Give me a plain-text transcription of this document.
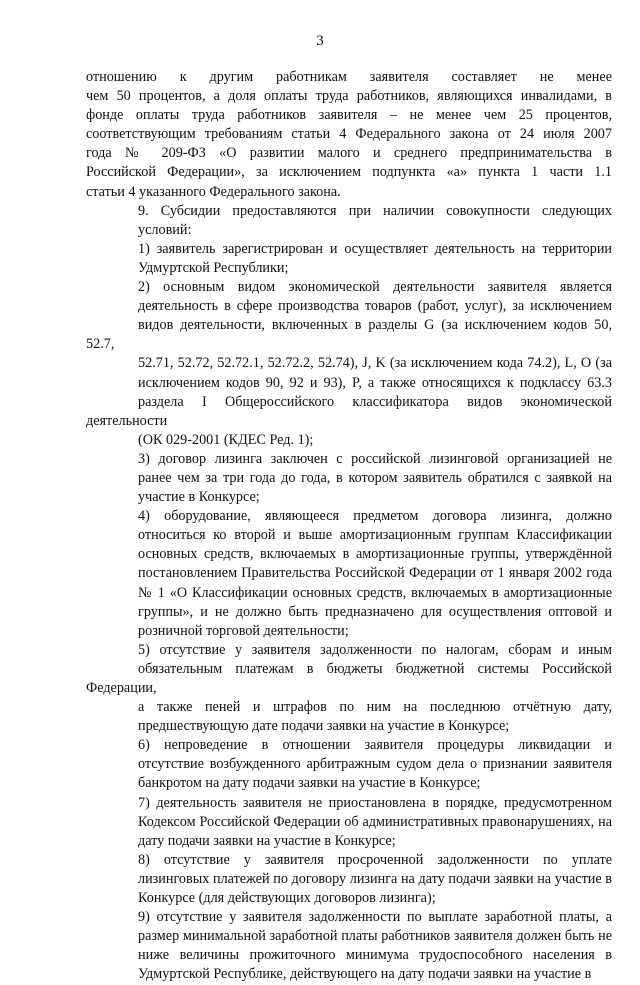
3
отношению к другим работникам заявителя составляет не менее
чем 50 процентов, а доля оплаты труда работников, являющихся инвалидами, в
фонде оплаты труда работников заявителя – не менее чем 25 процентов,
соответствующим требованиям статьи 4 Федерального закона от 24 июля 2007
года № 209-ФЗ «О развитии малого и среднего предпринимательства в
Российской Федерации», за исключением подпункта «а» пункта 1 части 1.1
статьи 4 указанного Федерального закона.
9. Субсидии предоставляются при наличии совокупности следующих
условий:
1) заявитель зарегистрирован и осуществляет деятельность на территории
Удмуртской Республики;
2) основным видом экономической деятельности заявителя является
деятельность в сфере производства товаров (работ, услуг), за исключением
видов деятельности, включенных в разделы G (за исключением кодов 50, 52.7,
52.71, 52.72, 52.72.1, 52.72.2, 52.74), J, K (за исключением кода 74.2), L, O (за
исключением кодов 90, 92 и 93), P, а также относящихся к подклассу 63.3
раздела I Общероссийского классификатора видов экономической деятельности
(ОК 029-2001 (КДЕС Ред. 1);
3) договор лизинга заключен с российской лизинговой организацией не
ранее чем за три года до года, в котором заявитель обратился с заявкой на
участие в Конкурсе;
4) оборудование, являющееся предметом договора лизинга, должно
относиться ко второй и выше амортизационным группам Классификации
основных средств, включаемых в амортизационные группы, утверждённой
постановлением Правительства Российской Федерации от 1 января 2002 года
№ 1 «О Классификации основных средств, включаемых в амортизационные
группы», и не должно быть предназначено для осуществления оптовой и
розничной торговой деятельности;
5) отсутствие у заявителя задолженности по налогам, сборам и иным
обязательным платежам в бюджеты бюджетной системы Российской Федерации,
а также пеней и штрафов по ним на последнюю отчётную дату,
предшествующую дате подачи заявки на участие в Конкурсе;
6) непроведение в отношении заявителя процедуры ликвидации и
отсутствие возбужденного арбитражным судом дела о признании заявителя
банкротом на дату подачи заявки на участие в Конкурсе;
7) деятельность заявителя не приостановлена в порядке, предусмотренном
Кодексом Российской Федерации об административных правонарушениях, на
дату подачи заявки на участие в Конкурсе;
8) отсутствие у заявителя просроченной задолженности по уплате
лизинговых платежей по договору лизинга на дату подачи заявки на участие в
Конкурсе (для действующих договоров лизинга);
9) отсутствие у заявителя задолженности по выплате заработной платы, а
размер минимальной заработной платы работников заявителя должен быть не
ниже величины прожиточного минимума трудоспособного населения в
Удмуртской Республике, действующего на дату подачи заявки на участие в
